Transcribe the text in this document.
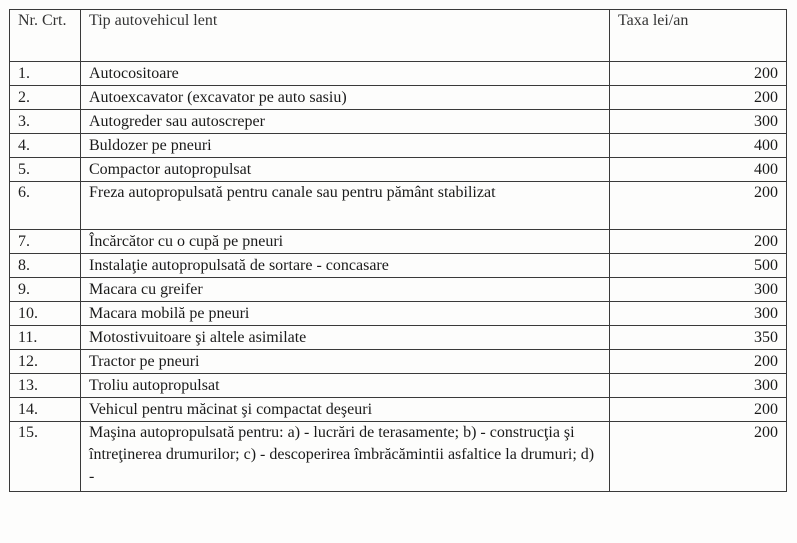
Nr. Crt.	Tip autovehicul lent	Taxa lei/an
1.	Autocositoare	200
2.	Autoexcavator (excavator pe auto sasiu)	200
3.	Autogreder sau autoscreper	300
4.	Buldozer pe pneuri	400
5.	Compactor autopropulsat	400
6.	Freza autopropulsată pentru canale sau pentru pământ stabilizat	200
7.	Încărcător cu o cupă pe pneuri	200
8.	Instalaţie autopropulsată de sortare - concasare	500
9.	Macara cu greifer	300
10.	Macara mobilă pe pneuri	300
11.	Motostivuitoare şi altele asimilate	350
12.	Tractor pe pneuri	200
13.	Troliu autopropulsat	300
14.	Vehicul pentru măcinat şi compactat deşeuri	200
15.	Maşina autopropulsată pentru: a) - lucrări de terasamente; b) - construcţia şi întreţinerea drumurilor; c) - descoperirea îmbrăcămintii asfaltice la drumuri; d) -	200
